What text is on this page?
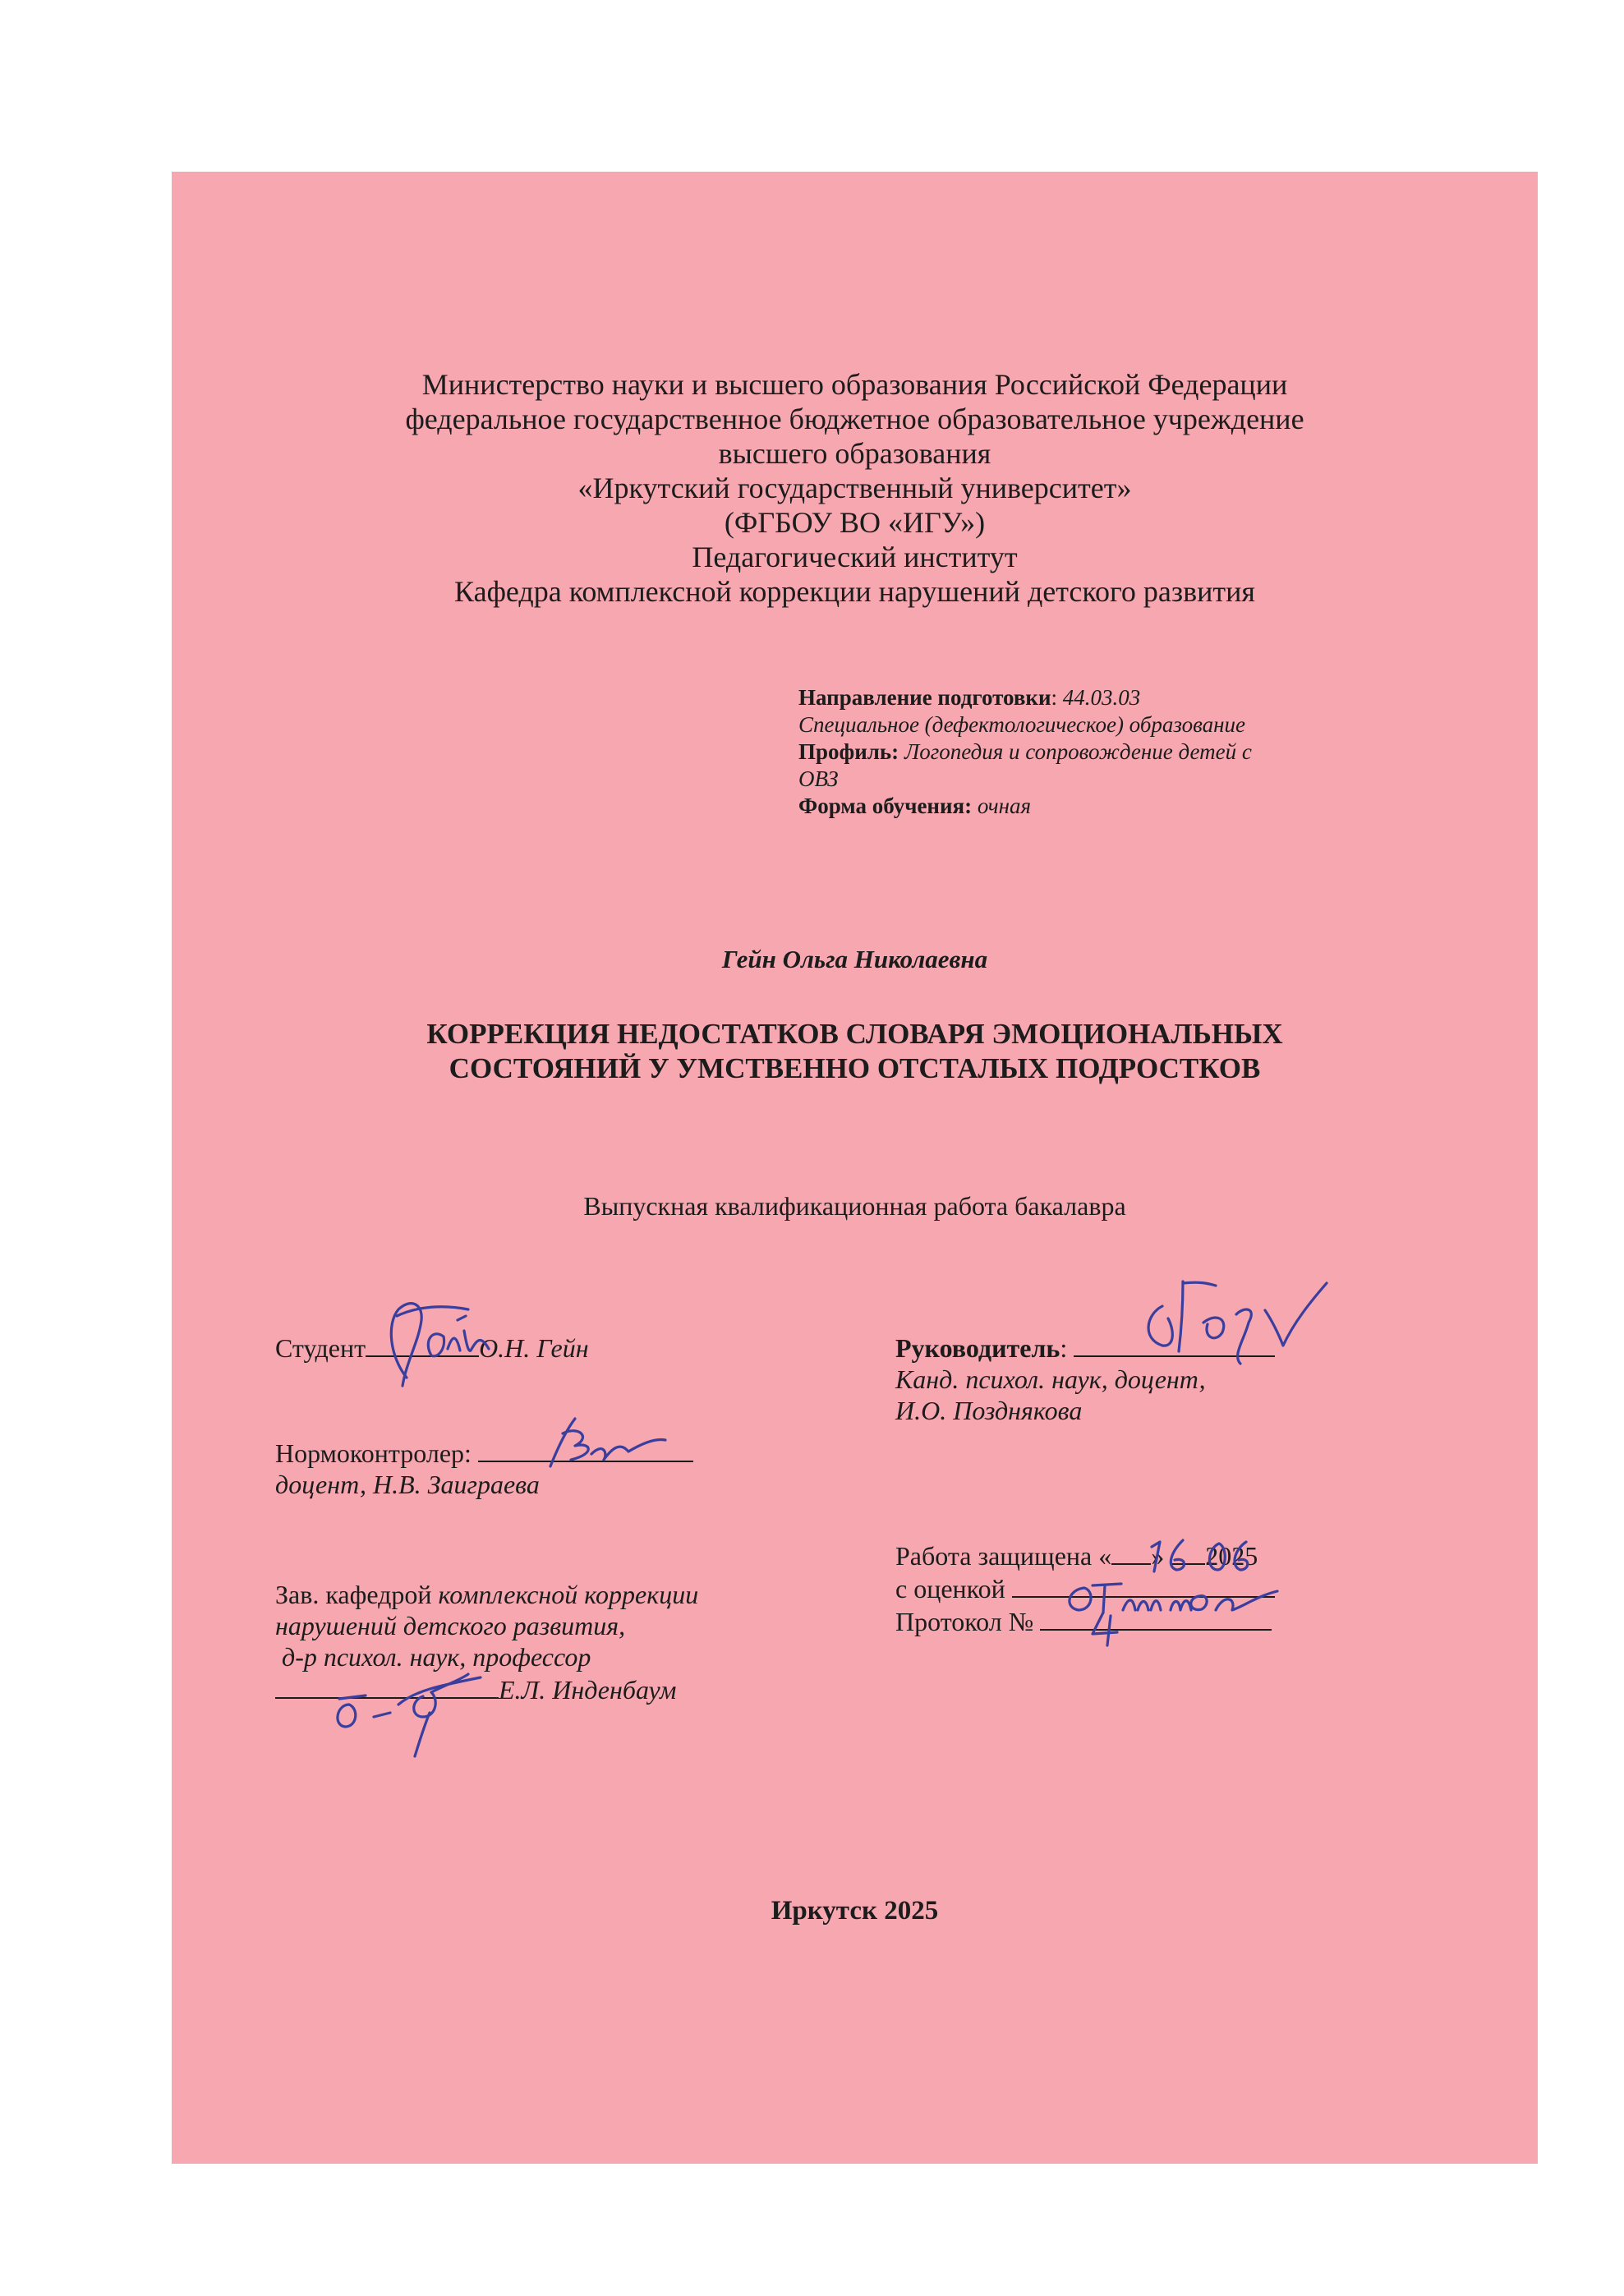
Министерство науки и высшего образования Российской Федерации
федеральное государственное бюджетное образовательное учреждение
высшего образования
«Иркутский государственный университет»
(ФГБОУ ВО «ИГУ»)
Педагогический институт
Кафедра комплексной коррекции нарушений детского развития
Направление подготовки: 44.03.03
Специальное (дефектологическое) образование
Профиль: Логопедия и сопровождение детей с
ОВЗ
Форма обучения: очная
Гейн Ольга Николаевна
КОРРЕКЦИЯ НЕДОСТАТКОВ СЛОВАРЯ ЭМОЦИОНАЛЬНЫХ
СОСТОЯНИЙ У УМСТВЕННО ОТСТАЛЫХ ПОДРОСТКОВ
Выпускная квалификационная работа бакалавра
Студент	О.Н. Гейн
Нормоконтролер:
доцент, Н.В. Заиграева
Зав. кафедрой комплексной коррекции
нарушений детского развития,
д-р психол. наук, профессор
Е.Л. Инденбаум
Руководитель:
Канд. психол. наук, доцент,
И.О. Позднякова
Работа защищена « » 2025
с оценкой
Протокол №
Иркутск 2025
